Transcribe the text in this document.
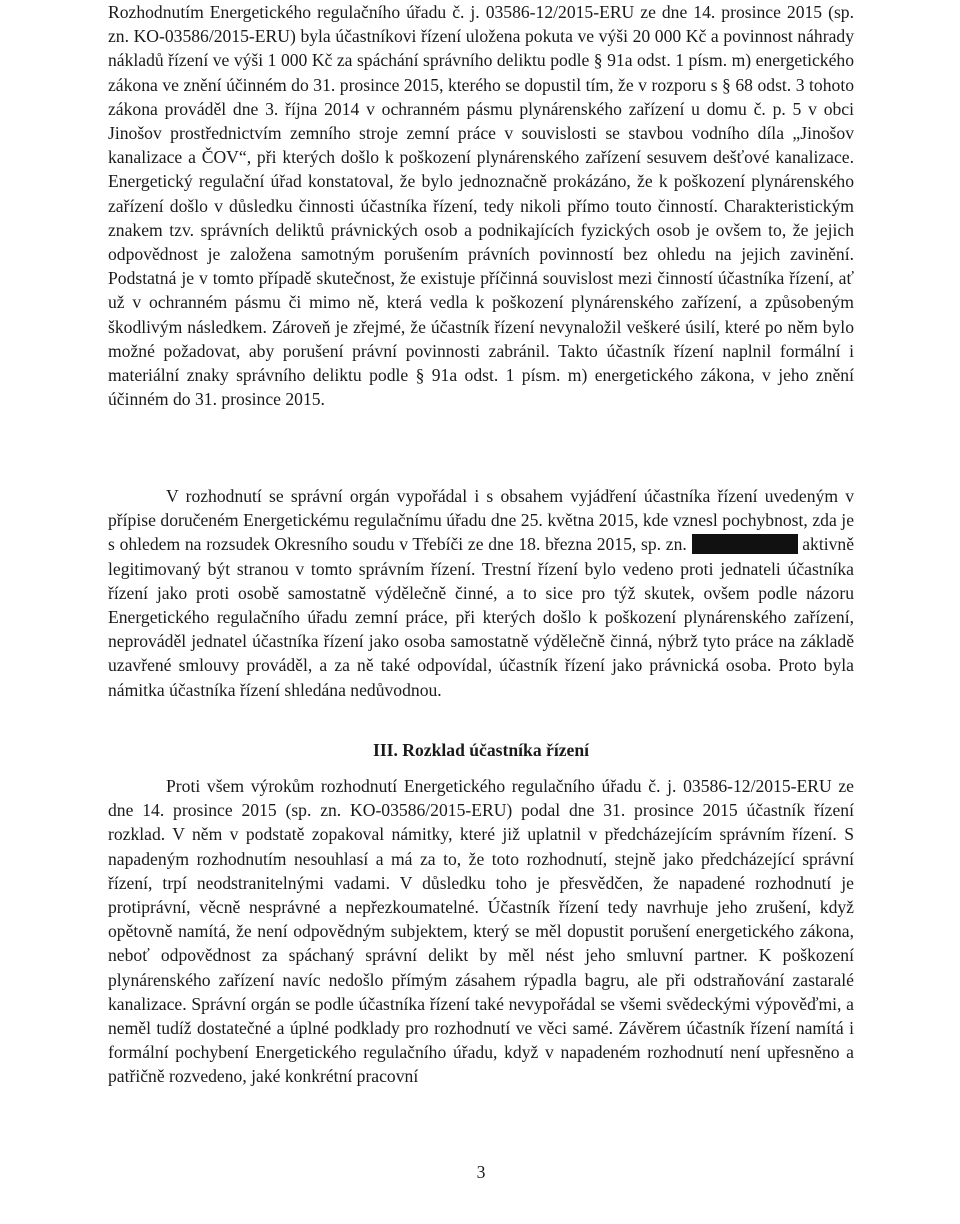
Rozhodnutím Energetického regulačního úřadu č. j. 03586-12/2015-ERU ze dne 14. prosince 2015 (sp. zn. KO-03586/2015-ERU) byla účastníkovi řízení uložena pokuta ve výši 20 000 Kč a povinnost náhrady nákladů řízení ve výši 1 000 Kč za spáchání správního deliktu podle § 91a odst. 1 písm. m) energetického zákona ve znění účinném do 31. prosince 2015, kterého se dopustil tím, že v rozporu s § 68 odst. 3 tohoto zákona prováděl dne 3. října 2014 v ochranném pásmu plynárenského zařízení u domu č. p. 5 v obci Jinošov prostřednictvím zemního stroje zemní práce v souvislosti se stavbou vodního díla „Jinošov kanalizace a ČOV“, při kterých došlo k poškození plynárenského zařízení sesuvem dešťové kanalizace. Energetický regulační úřad konstatoval, že bylo jednoznačně prokázáno, že k poškození plynárenského zařízení došlo v důsledku činnosti účastníka řízení, tedy nikoli přímo touto činností. Charakteristickým znakem tzv. správních deliktů právnických osob a podnikajících fyzických osob je ovšem to, že jejich odpovědnost je založena samotným porušením právních povinností bez ohledu na jejich zavinění. Podstatná je v tomto případě skutečnost, že existuje příčinná souvislost mezi činností účastníka řízení, ať už v ochranném pásmu či mimo ně, která vedla k poškození plynárenského zařízení, a způsobeným škodlivým následkem. Zároveň je zřejmé, že účastník řízení nevynaložil veškeré úsilí, které po něm bylo možné požadovat, aby porušení právní povinnosti zabránil. Takto účastník řízení naplnil formální i materiální znaky správního deliktu podle § 91a odst. 1 písm. m) energetického zákona, v jeho znění účinném do 31. prosince 2015.

V rozhodnutí se správní orgán vypořádal i s obsahem vyjádření účastníka řízení uvedeným v přípise doručeném Energetickému regulačnímu úřadu dne 25. května 2015, kde vznesl pochybnost, zda je s ohledem na rozsudek Okresního soudu v Třebíči ze dne 18. března 2015, sp. zn.	aktivně legitimovaný být stranou v tomto správním řízení. Trestní řízení bylo vedeno proti jednateli účastníka řízení jako proti osobě samostatně výdělečně činné, a to sice pro týž skutek, ovšem podle názoru Energetického regulačního úřadu zemní práce, při kterých došlo k poškození plynárenského zařízení, neprováděl jednatel účastníka řízení jako osoba samostatně výdělečně činná, nýbrž tyto práce na základě uzavřené smlouvy prováděl, a za ně také odpovídal, účastník řízení jako právnická osoba. Proto byla námitka účastníka řízení shledána nedůvodnou.

III. Rozklad účastníka řízení

Proti všem výrokům rozhodnutí Energetického regulačního úřadu č. j. 03586-12/2015-ERU ze dne 14. prosince 2015 (sp. zn. KO-03586/2015-ERU) podal dne 31. prosince 2015 účastník řízení rozklad. V něm v podstatě zopakoval námitky, které již uplatnil v předcházejícím správním řízení. S napadeným rozhodnutím nesouhlasí a má za to, že toto rozhodnutí, stejně jako předcházející správní řízení, trpí neodstranitelnými vadami. V důsledku toho je přesvědčen, že napadené rozhodnutí je protiprávní, věcně nesprávné a nepřezkoumatelné. Účastník řízení tedy navrhuje jeho zrušení, když opětovně namítá, že není odpovědným subjektem, který se měl dopustit porušení energetického zákona, neboť odpovědnost za spáchaný správní delikt by měl nést jeho smluvní partner. K poškození plynárenského zařízení navíc nedošlo přímým zásahem rýpadla bagru, ale při odstraňování zastaralé kanalizace. Správní orgán se podle účastníka řízení také nevypořádal se všemi svědeckými výpověďmi, a neměl tudíž dostatečné a úplné podklady pro rozhodnutí ve věci samé. Závěrem účastník řízení namítá i formální pochybení Energetického regulačního úřadu, když v napadeném rozhodnutí není upřesněno a patřičně rozvedeno, jaké konkrétní pracovní

3
